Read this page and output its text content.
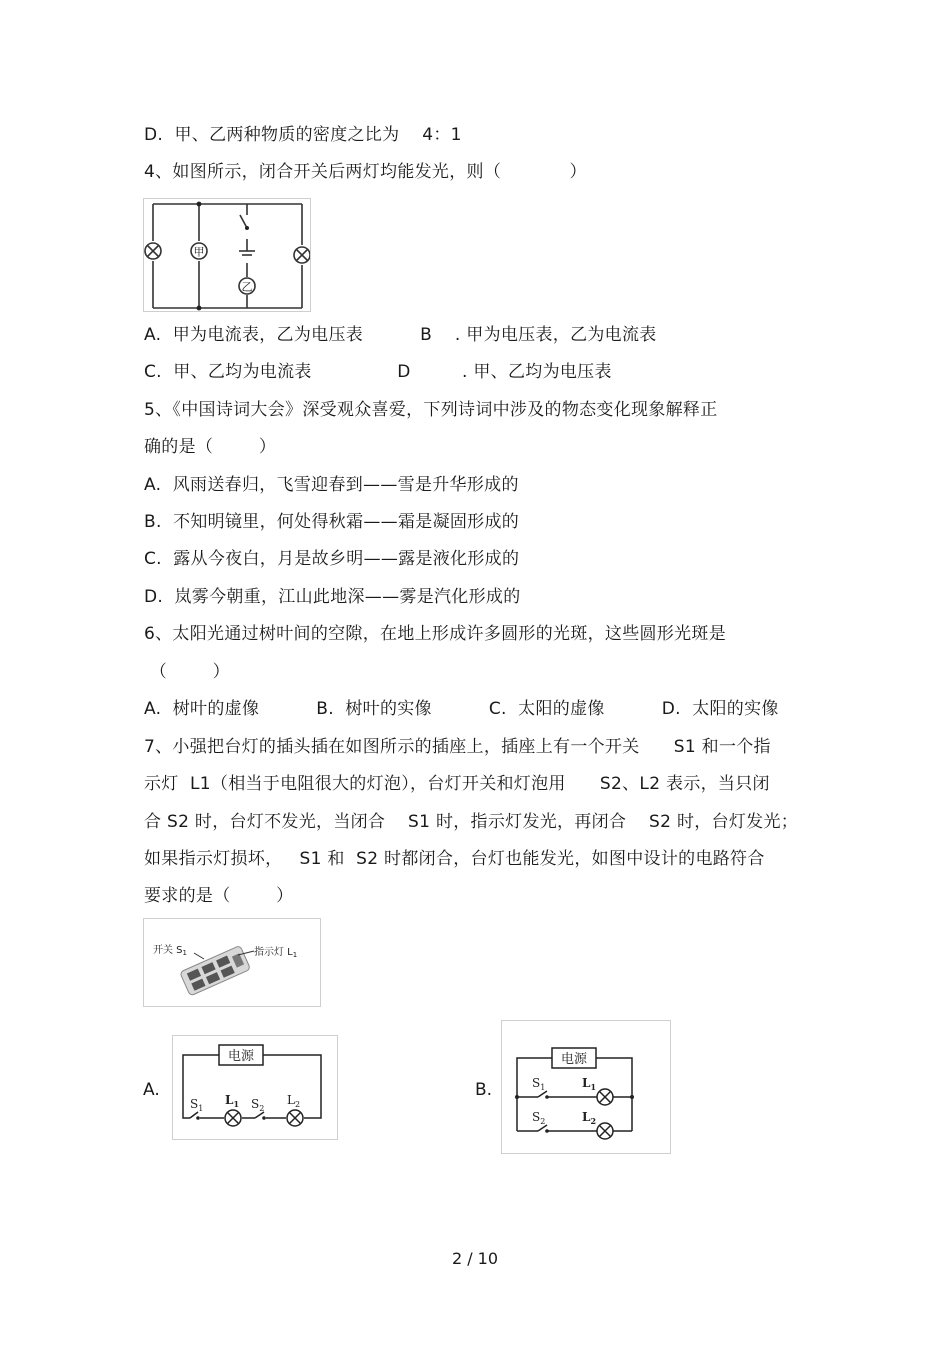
D.  甲、乙两种物质的密度之比为    4：1
4、如图所示，闭合开关后两灯均能发光，则（            ）
甲
乙
A.  甲为电流表，乙为电压表          B    . 甲为电压表，乙为电流表
C.  甲、乙均为电流表               D         . 甲、乙均为电压表
5、《中国诗词大会》深受观众喜爱，下列诗词中涉及的物态变化现象解释正
确的是（        ）
A.  风雨送春归，飞雪迎春到——雪是升华形成的
B.  不知明镜里，何处得秋霜——霜是凝固形成的
C.  露从今夜白，月是故乡明——露是液化形成的
D.  岚雾今朝重，江山此地深——雾是汽化形成的
6、太阳光通过树叶间的空隙，在地上形成许多圆形的光斑，这些圆形光斑是
（        ）
A.  树叶的虚像          B.  树叶的实像          C.  太阳的虚像          D.  太阳的实像
7、小强把台灯的插头插在如图所示的插座上，插座上有一个开关      S1 和一个指
示灯  L1（相当于电阻很大的灯泡），台灯开关和灯泡用      S2、L2 表示，当只闭
合 S2 时，台灯不发光，当闭合    S1 时，指示灯发光，再闭合    S2 时，台灯发光；
如果指示灯损坏，   S1 和  S2 时都闭合，台灯也能发光，如图中设计的电路符合
要求的是（        ）
开关 $S_1$	指示灯 $L_1$
A.
电源
$S_1$
$L_1$ $S_2$
$L_2$
B.
电源
$S_1$	$L_1$
$S_2$	$L_2$
2 / 10
